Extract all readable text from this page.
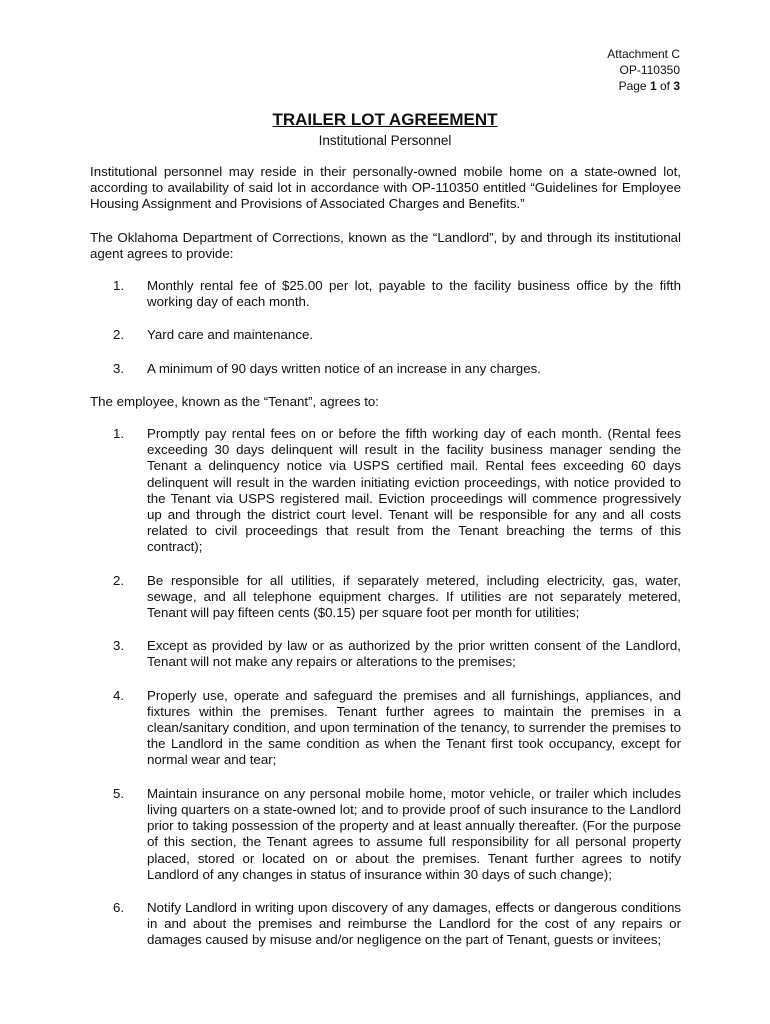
Attachment C
OP-110350
Page 1 of 3
TRAILER LOT AGREEMENT
Institutional Personnel

Institutional personnel may reside in their personally-owned mobile home on a state-owned lot, according to availability of said lot in accordance with OP-110350 entitled “Guidelines for Employee Housing Assignment and Provisions of Associated Charges and Benefits.”

The Oklahoma Department of Corrections, known as the “Landlord”, by and through its institutional agent agrees to provide:

1. Monthly rental fee of $25.00 per lot, payable to the facility business office by the fifth working day of each month.
2. Yard care and maintenance.
3. A minimum of 90 days written notice of an increase in any charges.

The employee, known as the “Tenant”, agrees to:

1. Promptly pay rental fees on or before the fifth working day of each month. (Rental fees exceeding 30 days delinquent will result in the facility business manager sending the Tenant a delinquency notice via USPS certified mail. Rental fees exceeding 60 days delinquent will result in the warden initiating eviction proceedings, with notice provided to the Tenant via USPS registered mail. Eviction proceedings will commence progressively up and through the district court level. Tenant will be responsible for any and all costs related to civil proceedings that result from the Tenant breaching the terms of this contract);
2. Be responsible for all utilities, if separately metered, including electricity, gas, water, sewage, and all telephone equipment charges. If utilities are not separately metered, Tenant will pay fifteen cents ($0.15) per square foot per month for utilities;
3. Except as provided by law or as authorized by the prior written consent of the Landlord, Tenant will not make any repairs or alterations to the premises;
4. Properly use, operate and safeguard the premises and all furnishings, appliances, and fixtures within the premises. Tenant further agrees to maintain the premises in a clean/sanitary condition, and upon termination of the tenancy, to surrender the premises to the Landlord in the same condition as when the Tenant first took occupancy, except for normal wear and tear;
5. Maintain insurance on any personal mobile home, motor vehicle, or trailer which includes living quarters on a state-owned lot; and to provide proof of such insurance to the Landlord prior to taking possession of the property and at least annually thereafter. (For the purpose of this section, the Tenant agrees to assume full responsibility for all personal property placed, stored or located on or about the premises. Tenant further agrees to notify Landlord of any changes in status of insurance within 30 days of such change);
6. Notify Landlord in writing upon discovery of any damages, effects or dangerous conditions in and about the premises and reimburse the Landlord for the cost of any repairs or damages caused by misuse and/or negligence on the part of Tenant, guests or invitees;
